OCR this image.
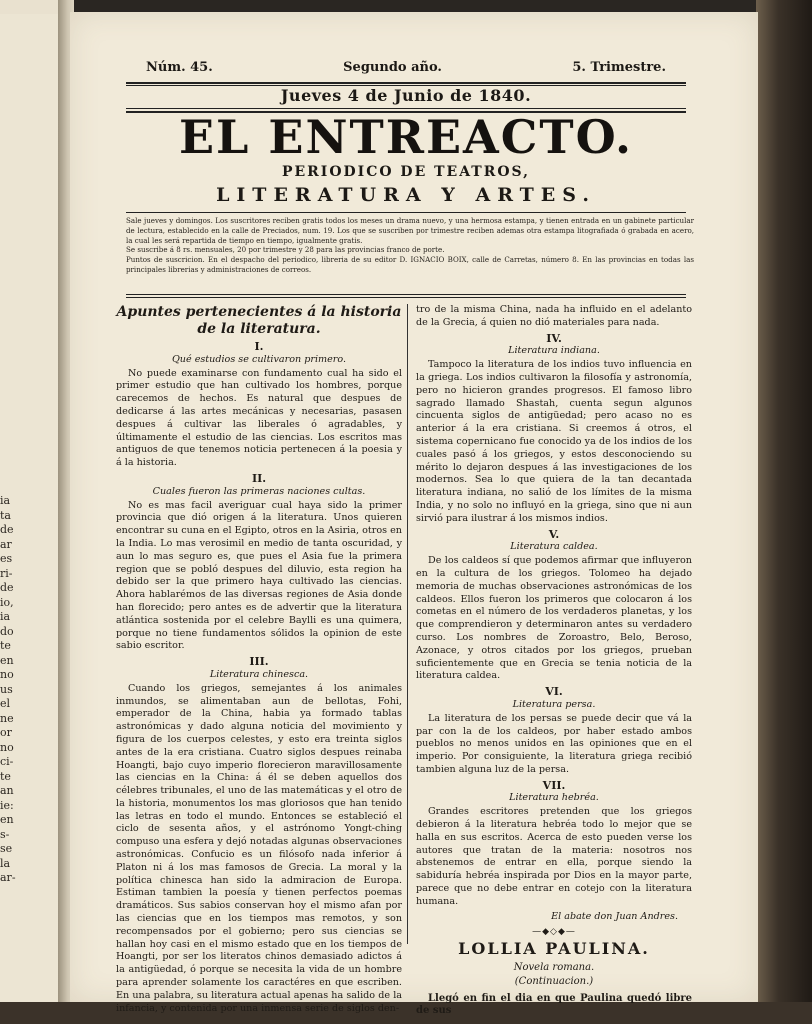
ia
ta
de
ar
es
ri-
de
io,
ia
do
te
en
no
us
el
ne
or
no
ci-
te
an
ie:
en
s-
se
la
ar-
Núm. 45.	Segundo año.	5. Trimestre.
Jueves 4 de Junio de 1840.
EL ENTREACTO.
PERIODICO DE TEATROS,
LITERATURA Y ARTES.

Sale jueves y domingos. Los suscritores reciben gratis todos los meses un drama nuevo, y una hermosa estampa, y tienen entrada en un gabinete particular de lectura, establecido en la calle de Preciados, num. 19. Los que se suscriben por trimestre reciben ademas otra estampa litografiada ó grabada en acero, la cual les será repartida de tiempo en tiempo, igualmente gratis.

Se suscribe á 8 rs. mensuales, 20 por trimestre y 28 para las provincias franco de porte.

Puntos de suscricion. En el despacho del periodico, libreria de su editor D. IGNACIO BOIX, calle de Carretas, número 8. En las provincias en todas las principales librerias y administraciones de correos.

Apuntes pertenecientes á la historia de la literatura.

I.

Qué estudios se cultivaron primero.

No puede examinarse con fundamento cual ha sido el primer estudio que han cultivado los hombres, porque carecemos de hechos. Es natural que despues de dedicarse á las artes mecánicas y necesarias, pasasen despues á cultivar las liberales ó agradables, y últimamente el estudio de las ciencias. Los escritos mas antiguos de que tenemos noticia pertenecen á la poesia y á la historia.

II.

Cuales fueron las primeras naciones cultas.

No es mas facil averiguar cual haya sido la primer provincia que dió origen á la literatura. Unos quieren encontrar su cuna en el Egipto, otros en la Asiria, otros en la India. Lo mas verosimil en medio de tanta oscuridad, y aun lo mas seguro es, que pues el Asia fue la primera region que se pobló despues del diluvio, esta region ha debido ser la que primero haya cultivado las ciencias. Ahora hablarémos de las diversas regiones de Asia donde han florecido; pero antes es de advertir que la literatura atlántica sostenida por el celebre Baylli es una quimera, porque no tiene fundamentos sólidos la opinion de este sabio escritor.

III.

Literatura chinesca.

Cuando los griegos, semejantes á los animales inmundos, se alimentaban aun de bellotas, Fohi, emperador de la China, habia ya formado tablas astronómicas y dado alguna noticia del movimiento y figura de los cuerpos celestes, y esto era treinta siglos antes de la era cristiana. Cuatro siglos despues reinaba Hoangti, bajo cuyo imperio florecieron maravillosamente las ciencias en la China: á él se deben aquellos dos célebres tribunales, el uno de las matemáticas y el otro de la historia, monumentos los mas gloriosos que han tenido las letras en todo el mundo. Entonces se estableció el ciclo de sesenta años, y el astrónomo Yongt-ching compuso una esfera y dejó notadas algunas observaciones astronómicas. Confucio es un filósofo nada inferior á Platon ni á los mas famosos de Grecia. La moral y la política chinesca han sido la admiracion de Europa. Estiman tambien la poesía y tienen perfectos poemas dramáticos. Sus sabios conservan hoy el mismo afan por las ciencias que en los tiempos mas remotos, y son recompensados por el gobierno; pero sus ciencias se hallan hoy casi en el mismo estado que en los tiempos de Hoangti, por ser los literatos chinos demasiado adictos á la antigüedad, ó porque se necesita la vida de un hombre para aprender solamente los caractéres en que escriben. En una palabra, su literatura actual apenas ha salido de la infancia, y contenida por una inmensa serie de siglos den-

tro de la misma China, nada ha influido en el adelanto de la Grecia, á quien no dió materiales para nada.

IV.

Literatura indiana.

Tampoco la literatura de los indios tuvo influencia en la griega. Los indios cultivaron la filosofía y astronomía, pero no hicieron grandes progresos. El famoso libro sagrado llamado Shastah, cuenta segun algunos cincuenta siglos de antigüedad; pero acaso no es anterior á la era cristiana. Si creemos á otros, el sistema copernicano fue conocido ya de los indios de los cuales pasó á los griegos, y estos desconociendo su mérito lo dejaron despues á las investigaciones de los modernos. Sea lo que quiera de la tan decantada literatura indiana, no salió de los límites de la misma India, y no solo no influyó en la griega, sino que ni aun sirvió para ilustrar á los mismos indios.

V.

Literatura caldea.

De los caldeos sí que podemos afirmar que influyeron en la cultura de los griegos. Tolomeo ha dejado memoria de muchas observaciones astronómicas de los caldeos. Ellos fueron los primeros que colocaron á los cometas en el número de los verdaderos planetas, y los que comprendieron y determinaron antes su verdadero curso. Los nombres de Zoroastro, Belo, Beroso, Azonace, y otros citados por los griegos, prueban suficientemente que en Grecia se tenia noticia de la literatura caldea.

VI.

Literatura persa.

La literatura de los persas se puede decir que vá la par con la de los caldeos, por haber estado ambos pueblos no menos unidos en las opiniones que en el imperio. Por consiguiente, la literatura griega recibió tambien alguna luz de la persa.

VII.

Literatura hebréa.

Grandes escritores pretenden que los griegos debieron á la literatura hebréa todo lo mejor que se halla en sus escritos. Acerca de esto pueden verse los autores que tratan de la materia: nosotros nos abstenemos de entrar en ella, porque siendo la sabiduría hebréa inspirada por Dios en la mayor parte, parece que no debe entrar en cotejo con la literatura humana.

El abate don Juan Andres.

—◆◇◆—

LOLLIA PAULINA.

Novela romana.

(Continuacion.)

Llegó en fin el dia en que Paulina quedó libre de sus
